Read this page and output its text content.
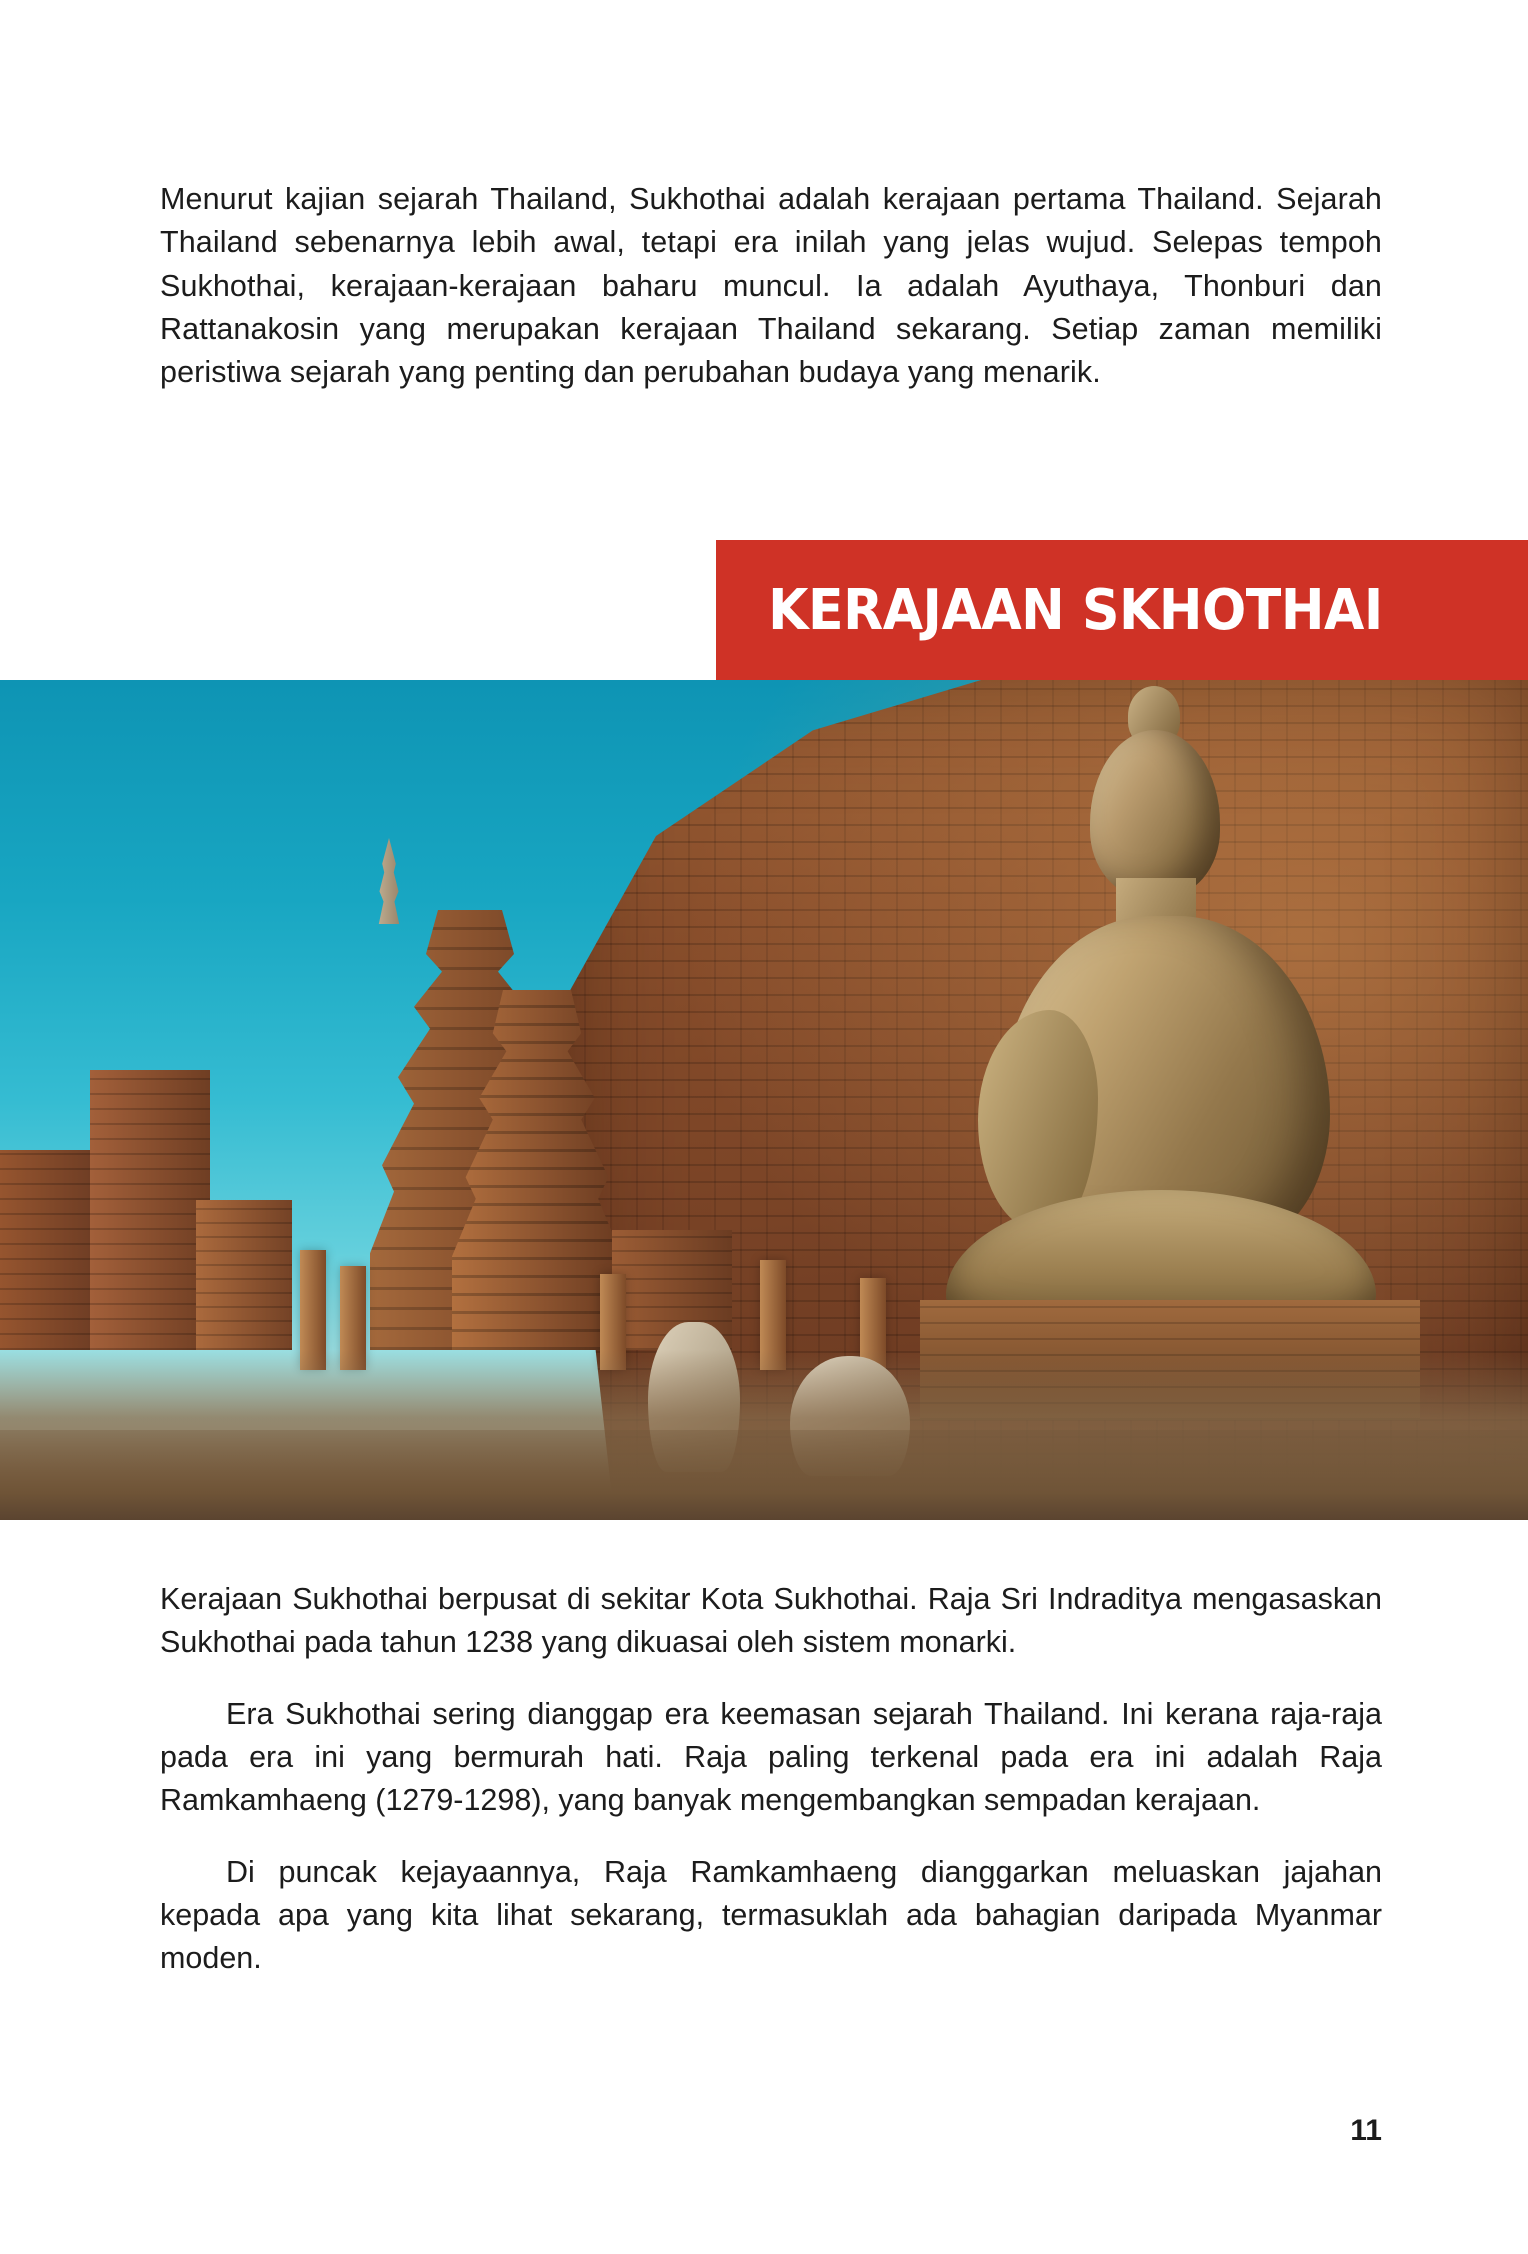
Menurut kajian sejarah Thailand, Sukhothai adalah kerajaan pertama Thailand. Sejarah Thailand sebenarnya lebih awal, tetapi era inilah yang jelas wujud. Selepas tempoh Sukhothai, kerajaan-kerajaan baharu muncul. Ia adalah Ayuthaya, Thonburi dan Rattanakosin yang merupakan kerajaan Thailand sekarang. Setiap zaman memiliki peristiwa sejarah yang penting dan perubahan budaya yang menarik.
KERAJAAN SKHOTHAI

Kerajaan Sukhothai berpusat di sekitar Kota Sukhothai. Raja Sri Indraditya mengasaskan Sukhothai pada tahun 1238 yang dikuasai oleh sistem monarki.

Era Sukhothai sering dianggap era keemasan sejarah Thailand. Ini kerana raja-raja pada era ini yang bermurah hati. Raja paling terkenal pada era ini adalah Raja Ramkamhaeng (1279-1298), yang banyak mengembangkan sempadan kerajaan.

Di puncak kejayaannya, Raja Ramkamhaeng dianggarkan meluaskan jajahan kepada apa yang kita lihat sekarang, termasuklah ada bahagian daripada Myanmar moden.

11
